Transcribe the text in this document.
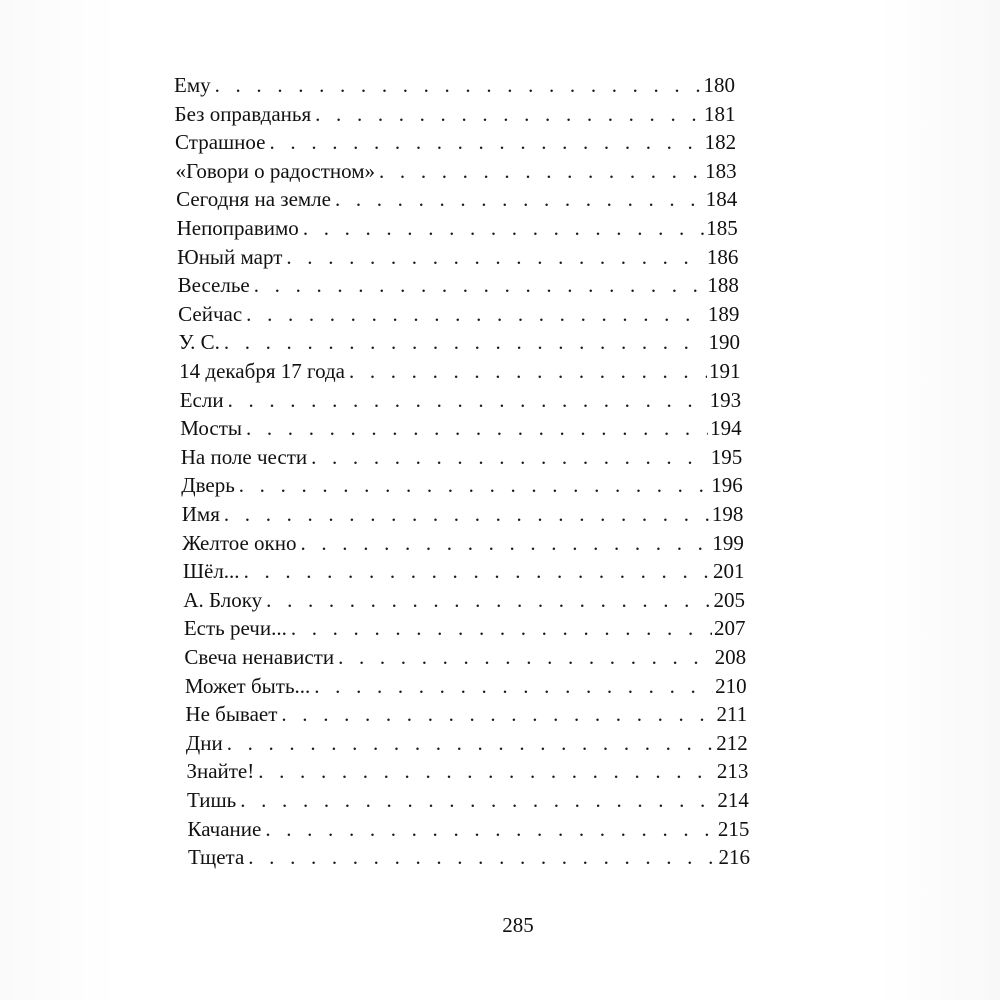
Ему . . .	180
Без оправданья . . .	181
Страшное . . .	182
«Говори о радостном» . . .	183
Сегодня на земле . . .	184
Непоправимо . . .	185
Юный март . . .	186
Веселье . . .	188
Сейчас . . .	189
У. С. . . .	190
14 декабря 17 года . . .	191
Если . . .	193
Мосты . . .	194
На поле чести . . .	195
Дверь . . .	196
Имя . . .	198
Желтое окно . . .	199
Шёл... . . .	201
А. Блоку . . .	205
Есть речи... . . .	207
Свеча ненависти . . .	208
Может быть... . . .	210
Не бывает . . .	211
Дни . . .	212
Знайте! . . .	213
Тишь . . .	214
Качание . . .	215
Тщета . . .	216
285
